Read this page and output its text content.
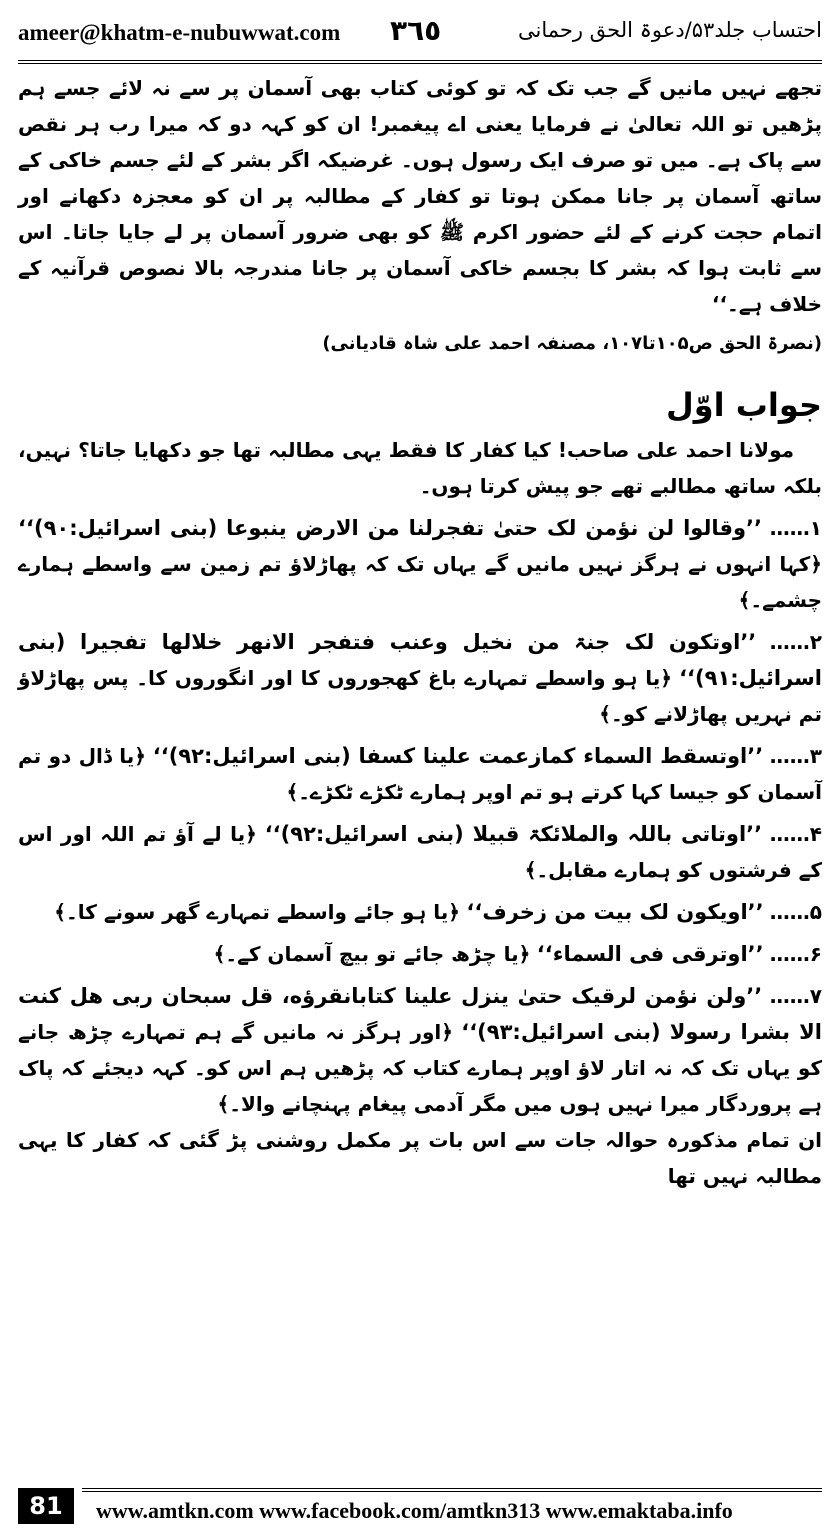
ameer@khatm-e-nubuwwat.com ٣٦٥	احتساب جلد۵۳/دعوۃ الحق رحمانی

تجھے نہیں مانیں گے جب تک کہ تو کوئی کتاب بھی آسمان پر سے نہ لائے جسے ہم پڑھیں تو اللہ تعالیٰ نے فرمایا یعنی اے پیغمبر! ان کو کہہ دو کہ میرا رب ہر نقص سے پاک ہے۔ میں تو صرف ایک رسول ہوں۔ غرضیکہ اگر بشر کے لئے جسم خاکی کے ساتھ آسمان پر جانا ممکن ہوتا تو کفار کے مطالبہ پر ان کو معجزہ دکھانے اور اتمام حجت کرنے کے لئے حضور اکرم ﷺ کو بھی ضرور آسمان پر لے جایا جاتا۔ اس سے ثابت ہوا کہ بشر کا بجسم خاکی آسمان پر جانا مندرجہ بالا نصوص قرآنیہ کے خلاف ہے۔‘‘

(نصرۃ الحق ص۱۰۵تا۱۰۷، مصنفہ احمد علی شاہ قادیانی)

جواب اوّل

مولانا احمد علی صاحب! کیا کفار کا فقط یہی مطالبہ تھا جو دکھایا جاتا؟ نہیں، بلکہ ساتھ مطالبے تھے جو پیش کرتا ہوں۔

۱…… ’’وقالوا لن نؤمن لک حتیٰ تفجرلنا من الارض ینبوعا (بنی اسرائیل:۹۰)‘‘ ﴿کہا انہوں نے ہرگز نہیں مانیں گے یہاں تک کہ پھاڑلاؤ تم زمین سے واسطے ہمارے چشمے۔﴾

۲…… ’’اوتکون لک جنۃ من نخیل وعنب فتفجر الانهر خلالها تفجیرا (بنی اسرائیل:۹۱)‘‘ ﴿یا ہو واسطے تمہارے باغ کھجوروں کا اور انگوروں کا۔ پس پھاڑلاؤ تم نہریں پھاڑلانے کو۔﴾

۳…… ’’اوتسقط السماء کمازعمت علینا کسفا (بنی اسرائیل:۹۲)‘‘ ﴿یا ڈال دو تم آسمان کو جیسا کہا کرتے ہو تم اوپر ہمارے ٹکڑے ٹکڑے۔﴾

۴…… ’’اوتاتی باللہ والملائکۃ قبیلا (بنی اسرائیل:۹۲)‘‘ ﴿یا لے آؤ تم اللہ اور اس کے فرشتوں کو ہمارے مقابل۔﴾

۵…… ’’اویکون لک بیت من زخرف‘‘ ﴿یا ہو جائے واسطے تمہارے گھر سونے کا۔﴾

۶…… ’’اوترقی فی السماء‘‘ ﴿یا چڑھ جائے تو بیچ آسمان کے۔﴾

۷…… ’’ولن نؤمن لرقیک حتیٰ ینزل علینا کتابانقرؤه، قل سبحان ربی هل کنت الا بشرا رسولا (بنی اسرائیل:۹۳)‘‘ ﴿اور ہرگز نہ مانیں گے ہم تمہارے چڑھ جانے کو یہاں تک کہ نہ اتار لاؤ اوپر ہمارے کتاب کہ پڑھیں ہم اس کو۔ کہہ دیجئے کہ پاک ہے پروردگار میرا نہیں ہوں میں مگر آدمی پیغام پہنچانے والا۔﴾

ان تمام مذکورہ حوالہ جات سے اس بات پر مکمل روشنی پڑ گئی کہ کفار کا یہی مطالبہ نہیں تھا

81	www.amtkn.com www.facebook.com/amtkn313 www.emaktaba.info
